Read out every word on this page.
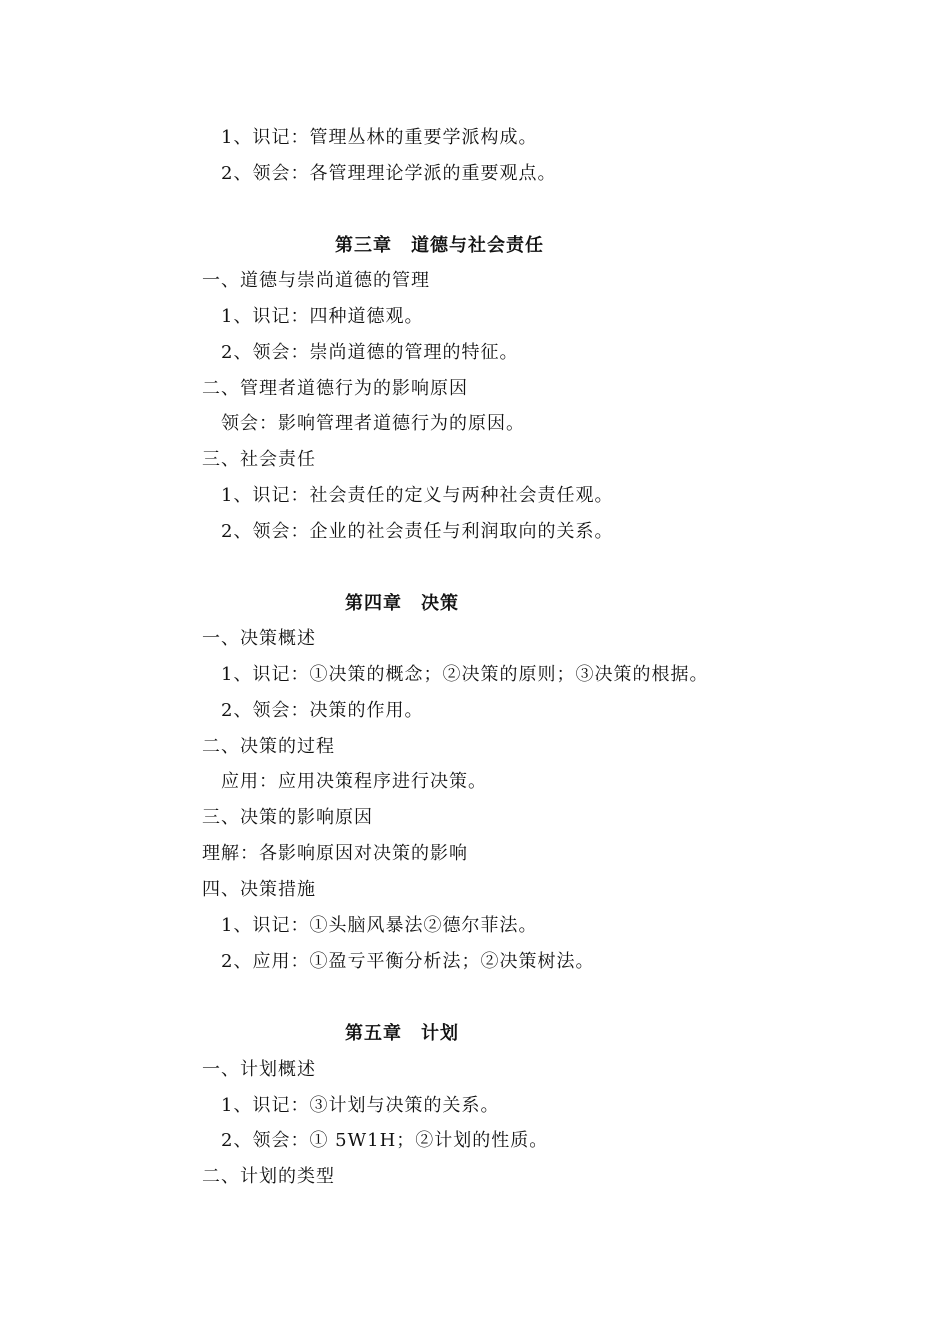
1、识记：管理丛林的重要学派构成。
2、领会：各管理理论学派的重要观点。
第三章　道德与社会责任
一、道德与崇尚道德的管理
1、识记：四种道德观。
2、领会：崇尚道德的管理的特征。
二、管理者道德行为的影响原因
领会：影响管理者道德行为的原因。
三、社会责任
1、识记：社会责任的定义与两种社会责任观。
2、领会：企业的社会责任与利润取向的关系。
第四章　决策
一、决策概述
1、识记：①决策的概念；②决策的原则；③决策的根据。
2、领会：决策的作用。
二、决策的过程
应用：应用决策程序进行决策。
三、决策的影响原因
理解：各影响原因对决策的影响
四、决策措施
1、识记：①头脑风暴法②德尔菲法。
2、应用：①盈亏平衡分析法；②决策树法。
第五章　计划
一、计划概述
1、识记：③计划与决策的关系。
2、领会：① 5W1H；②计划的性质。
二、计划的类型
